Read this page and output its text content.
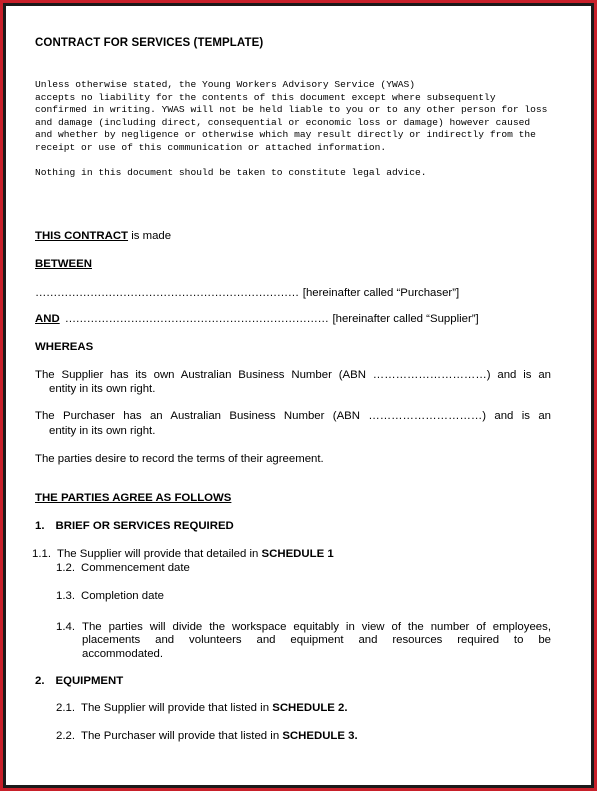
CONTRACT FOR SERVICES (TEMPLATE)

Unless otherwise stated, the Young Workers Advisory Service (YWAS)

accepts no liability for the contents of this document except where subsequently

confirmed in writing. YWAS will not be held liable to you or to any other person for loss

and damage (including direct, consequential or economic loss or damage) however caused

and whether by negligence or otherwise which may result directly or indirectly from the

receipt or use of this communication or attached information.

Nothing in this document should be taken to constitute legal advice.

THIS CONTRACT is made

BETWEEN

……………………………………………………………… [hereinafter called “Purchaser”]

AND ……………………………………………………………… [hereinafter called “Supplier”]

WHEREAS

The Supplier has its own Australian Business Number (ABN …………………………) and is an

entity in its own right.

The Purchaser has an Australian Business Number (ABN …………………………) and is an

entity in its own right.

The parties desire to record the terms of their agreement.

THE PARTIES AGREE AS FOLLOWS

1. BRIEF OR SERVICES REQUIRED

1.1. The Supplier will provide that detailed in SCHEDULE 1

1.2. Commencement date

1.3. Completion date

1.4. The parties will divide the workspace equitably in view of the number of employees,

placements and volunteers and equipment and resources required to be

accommodated.

2. EQUIPMENT

2.1. The Supplier will provide that listed in SCHEDULE 2.

2.2. The Purchaser will provide that listed in SCHEDULE 3.
